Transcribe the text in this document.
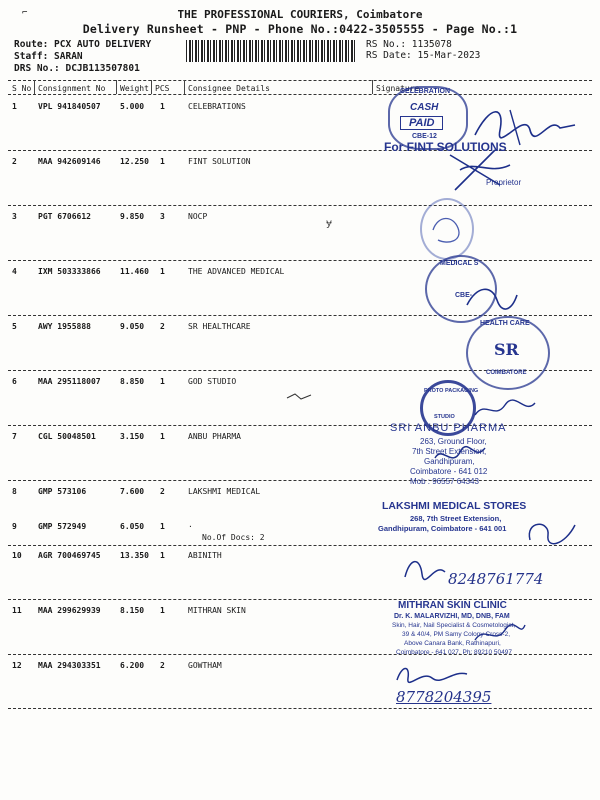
THE PROFESSIONAL COURIERS, Coimbatore
Delivery Runsheet - PNP - Phone No.:0422-3505555 - Page No.:1
Route: PCX AUTO DELIVERY
Staff: SARAN
DRS No.: DCJB113507801
RS No.: 1135078
RS Date: 15-Mar-2023
S No Consignment No Weight PCS Consignee Details	Signature
1	VPL 941840507 5.000 1	CELEBRATIONS
2	MAA 942609146 12.250 1	FINT SOLUTION
3	PGT 6706612	9.850 3	NOCP
4	IXM 503333866 11.460 1	THE ADVANCED MEDICAL
5	AWY 1955888	9.050 2	SR HEALTHCARE
6	MAA 295118007 8.850 1	GOD STUDIO
7	CGL 50048501	3.150 1	ANBU PHARMA
8	GMP 573106	7.600 2	LAKSHMI MEDICAL
9	GMP 572949	6.050 1	.
No.Of Docs: 2
10 AGR 700469745 13.350 1	ABINITH
11 MAA 299629939 8.150 1	MITHRAN SKIN
12 MAA 294303351 6.200 2	GOWTHAM
CELEBRATION
CASH
PAID
CBE-12
For FINT SOLUTIONS
Proprietor
MEDICAL S
CBE-
HEALTH CARE
SR
COIMBATORE
PROTO PACKAGING
STUDIO
SRI ANBU PHARMA
263, Ground Floor,
7th Street Extension,
Gandhipuram,
Coimbatore - 641 012
Mob : 96557 64343
LAKSHMI MEDICAL STORES
268, 7th Street Extension,
Gandhipuram, Coimbatore - 641 001
8248761774
MITHRAN SKIN CLINIC
Dr. K. MALARVIZHI, MD, DNB, FAM
Skin, Hair, Nail Specialist & Cosmetologist,
39 & 40/4, PM Samy Colony Cross-2,
Above Canara Bank, Rathinapuri,
Coimbatore - 641 027. Ph: 89210 50497
8778204395
ɏ
⌐
